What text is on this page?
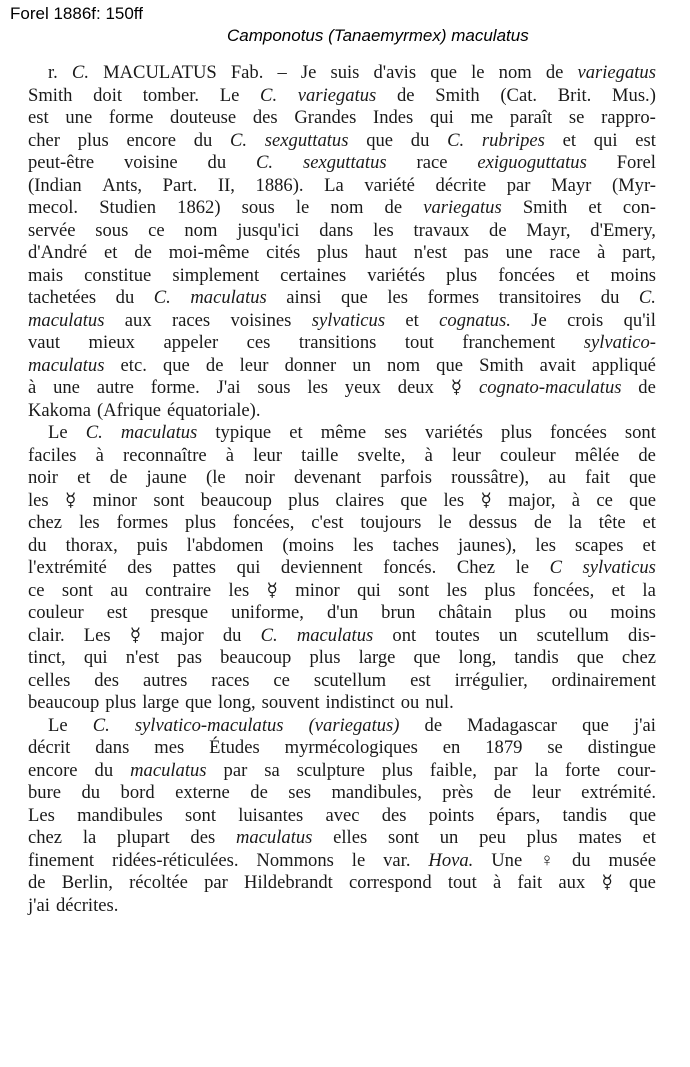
Forel 1886f: 150ff
Camponotus (Tanaemyrmex) maculatus
r. C. MACULATUS Fab. – Je suis d'avis que le nom de variegatus
Smith doit tomber. Le C. variegatus de Smith (Cat. Brit. Mus.)
est une forme douteuse des Grandes Indes qui me paraît se rappro-
cher plus encore du C. sexguttatus que du C. rubripes et qui est
peut-être voisine du C. sexguttatus race exiguoguttatus Forel
(Indian Ants, Part. II, 1886). La variété décrite par Mayr (Myr-
mecol. Studien 1862) sous le nom de variegatus Smith et con-
servée sous ce nom jusqu'ici dans les travaux de Mayr, d'Emery,
d'André et de moi-même cités plus haut n'est pas une race à part,
mais constitue simplement certaines variétés plus foncées et moins
tachetées du C. maculatus ainsi que les formes transitoires du C.
maculatus aux races voisines sylvaticus et cognatus. Je crois qu'il
vaut mieux appeler ces transitions tout franchement sylvatico-
maculatus etc. que de leur donner un nom que Smith avait appliqué
à une autre forme. J'ai sous les yeux deux ☿ cognato-maculatus de
Kakoma (Afrique équatoriale).
Le C. maculatus typique et même ses variétés plus foncées sont
faciles à reconnaître à leur taille svelte, à leur couleur mêlée de
noir et de jaune (le noir devenant parfois roussâtre), au fait que
les ☿ minor sont beaucoup plus claires que les ☿ major, à ce que
chez les formes plus foncées, c'est toujours le dessus de la tête et
du thorax, puis l'abdomen (moins les taches jaunes), les scapes et
l'extrémité des pattes qui deviennent foncés. Chez le C sylvaticus
ce sont au contraire les ☿ minor qui sont les plus foncées, et la
couleur est presque uniforme, d'un brun châtain plus ou moins
clair. Les ☿ major du C. maculatus ont toutes un scutellum dis-
tinct, qui n'est pas beaucoup plus large que long, tandis que chez
celles des autres races ce scutellum est irrégulier, ordinairement
beaucoup plus large que long, souvent indistinct ou nul.
Le C. sylvatico-maculatus (variegatus) de Madagascar que j'ai
décrit dans mes Études myrmécologiques en 1879 se distingue
encore du maculatus par sa sculpture plus faible, par la forte cour-
bure du bord externe de ses mandibules, près de leur extrémité.
Les mandibules sont luisantes avec des points épars, tandis que
chez la plupart des maculatus elles sont un peu plus mates et
finement ridées-réticulées. Nommons le var. Hova. Une ♀ du musée
de Berlin, récoltée par Hildebrandt correspond tout à fait aux ☿ que
j'ai décrites.
